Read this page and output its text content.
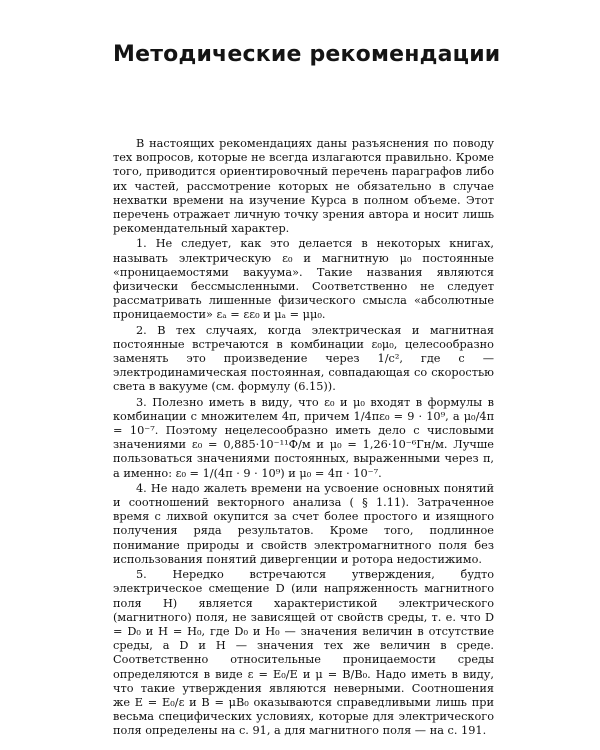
Методические рекомендации

В настоящих рекомендациях даны разъяснения по поводу тех вопросов, которые не всегда излагаются правильно. Кроме того, приводится ориентировочный перечень параграфов либо их частей, рассмотрение которых не обязательно в случае нехватки времени на изучение Курса в полном объеме. Этот перечень отражает личную точку зрения автора и носит лишь рекомендательный характер.

1. Не следует, как это делается в некоторых книгах, называть электрическую ε₀ и магнитную μ₀ постоянные «проницаемостями вакуума». Такие названия являются физически бессмысленными. Соответственно не следует рассматривать лишенные физического смысла «абсолютные проницаемости» εₐ = εε₀ и μₐ = μμ₀.

2. В тех случаях, когда электрическая и магнитная постоянные встречаются в комбинации ε₀μ₀, целесообразно заменять это произведение через 1/c², где c — электродинамическая постоянная, совпадающая со скоростью света в вакууме (см. формулу (6.15)).

3. Полезно иметь в виду, что ε₀ и μ₀ входят в формулы в комбинации с множителем 4π, причем 1/4πε₀ = 9 · 10⁹, а μ₀/4π = 10⁻⁷. Поэтому нецелесообразно иметь дело с числовыми значениями ε₀ = 0,885·10⁻¹¹Ф/м и μ₀ = 1,26·10⁻⁶Гн/м. Лучше пользоваться значениями постоянных, выраженными через π, а именно: ε₀ = 1/(4π · 9 · 10⁹) и μ₀ = 4π · 10⁻⁷.

4. Не надо жалеть времени на усвоение основных понятий и соотношений векторного анализа ( § 1.11). Затраченное время с лихвой окупится за счет более простого и изящного получения ряда результатов. Кроме того, подлинное понимание природы и свойств электромагнитного поля без использования понятий дивергенции и ротора недостижимо.

5. Нередко встречаются утверждения, будто электрическое смещение D (или напряженность магнитного поля H) является характеристикой электрического (магнитного) поля, не зависящей от свойств среды, т. е. что D = D₀ и H = H₀, где D₀ и H₀ — значения величин в отсутствие среды, а D и H — значения тех же величин в среде. Соответственно относительные проницаемости среды определяются в виде ε = E₀/E и μ = B/B₀. Надо иметь в виду, что такие утверждения являются неверными. Соотношения же E = E₀/ε и B = μB₀ оказываются справедливыми лишь при весьма специфических условиях, которые для электрического поля определены на с. 91, а для магнитного поля — на с. 191.
